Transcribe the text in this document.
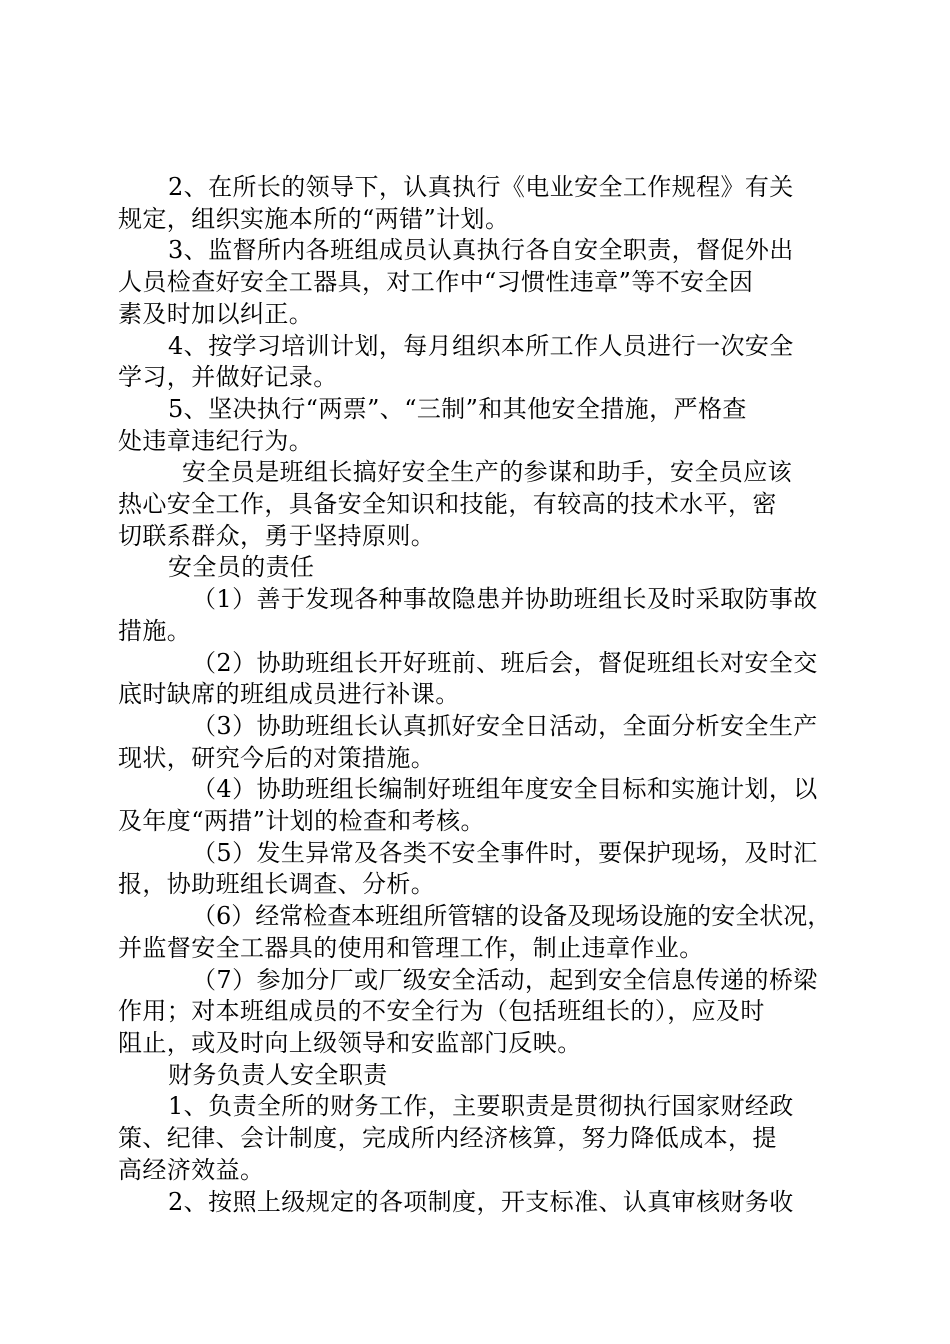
2、在所长的领导下，认真执行《电业安全工作规程》有关
规定，组织实施本所的“两错”计划。
3、监督所内各班组成员认真执行各自安全职责，督促外出
人员检查好安全工器具，对工作中“习惯性违章”等不安全因
素及时加以纠正。
4、按学习培训计划，每月组织本所工作人员进行一次安全
学习，并做好记录。
5、坚决执行“两票”、“三制”和其他安全措施，严格查
处违章违纪行为。
安全员是班组长搞好安全生产的参谋和助手，安全员应该
热心安全工作，具备安全知识和技能，有较高的技术水平，密
切联系群众，勇于坚持原则。
安全员的责任
（1）善于发现各种事故隐患并协助班组长及时采取防事故
措施。
（2）协助班组长开好班前、班后会，督促班组长对安全交
底时缺席的班组成员进行补课。
（3）协助班组长认真抓好安全日活动，全面分析安全生产
现状，研究今后的对策措施。
（4）协助班组长编制好班组年度安全目标和实施计划，以
及年度“两措”计划的检查和考核。
（5）发生异常及各类不安全事件时，要保护现场，及时汇
报，协助班组长调查、分析。
（6）经常检查本班组所管辖的设备及现场设施的安全状况，
并监督安全工器具的使用和管理工作，制止违章作业。
（7）参加分厂或厂级安全活动，起到安全信息传递的桥梁
作用；对本班组成员的不安全行为（包括班组长的），应及时
阻止，或及时向上级领导和安监部门反映。
财务负责人安全职责
1、负责全所的财务工作，主要职责是贯彻执行国家财经政
策、纪律、会计制度，完成所内经济核算，努力降低成本，提
高经济效益。
2、按照上级规定的各项制度，开支标准、认真审核财务收
